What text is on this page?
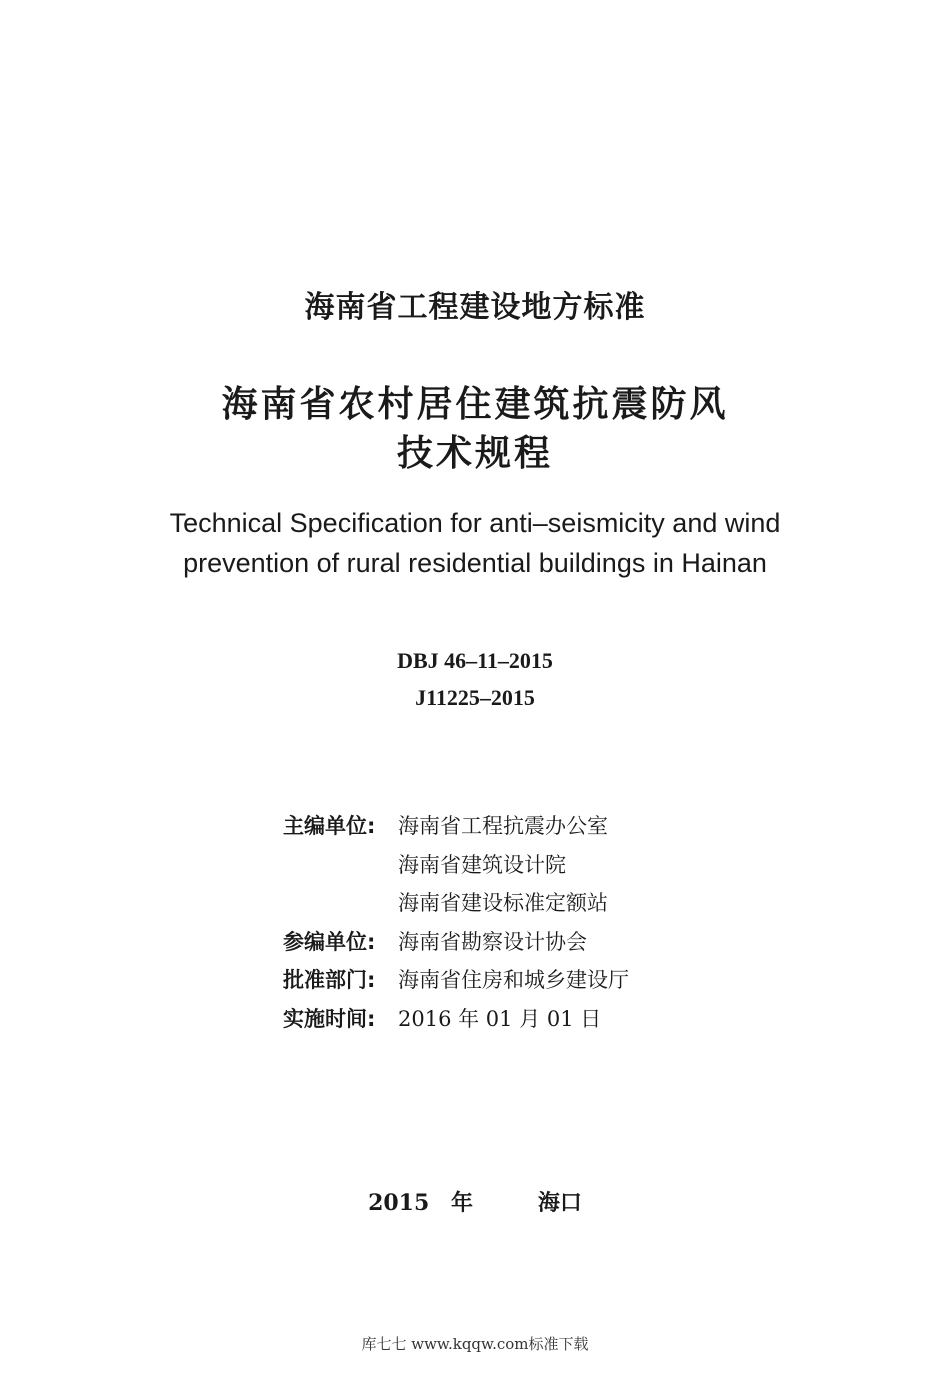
海南省工程建设地方标准
海南省农村居住建筑抗震防风
技术规程
Technical Specification for anti–seismicity and wind
prevention of rural residential buildings in Hainan
DBJ 46–11–2015
J11225–2015
主编单位:	海南省工程抗震办公室
海南省建筑设计院
海南省建设标准定额站
参编单位:	海南省勘察设计协会
批准部门:	海南省住房和城乡建设厅
实施时间:	2016 年 01 月 01 日
2015 年   海口
库七七 www.kqqw.com标准下载
